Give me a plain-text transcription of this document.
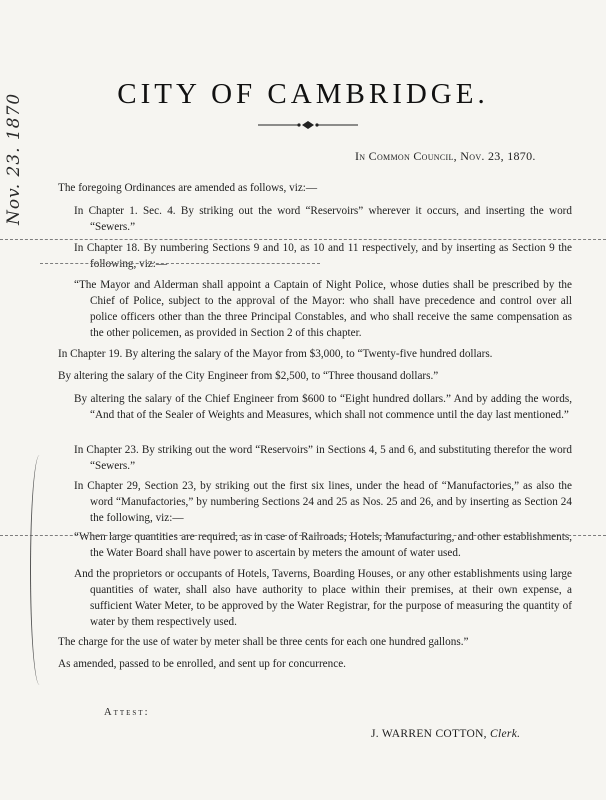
Nov. 23. 1870	CITY OF CAMBRIDGE.
In Common Council, Nov. 23, 1870.

The foregoing Ordinances are amended as follows, viz:—

In Chapter 1. Sec. 4. By striking out the word “Reservoirs” wherever it occurs, and inserting the word “Sewers.”

In Chapter 18. By numbering Sections 9 and 10, as 10 and 11 respectively, and by inserting as Section 9 the following, viz:—

“The Mayor and Alderman shall appoint a Captain of Night Police, whose duties shall be prescribed by the Chief of Police, subject to the approval of the Mayor: who shall have precedence and control over all police officers other than the three Principal Constables, and who shall receive the same compensation as the other policemen, as provided in Section 2 of this chapter.

In Chapter 19. By altering the salary of the Mayor from $3,000, to “Twenty-five hundred dollars.

By altering the salary of the City Engineer from $2,500, to “Three thousand dollars.”

By altering the salary of the Chief Engineer from $600 to “Eight hundred dollars.” And by adding the words, “And that of the Sealer of Weights and Measures, which shall not commence until the day last mentioned.”

In Chapter 23. By striking out the word “Reservoirs” in Sections 4, 5 and 6, and substituting therefor the word “Sewers.”

In Chapter 29, Section 23, by striking out the first six lines, under the head of “Manufactories,” as also the word “Manufactories,” by numbering Sections 24 and 25 as Nos. 25 and 26, and by inserting as Section 24 the following, viz:—

“When large quantities are required, as in case of Railroads, Hotels, Manufacturing, and other establishments, the Water Board shall have power to ascertain by meters the amount of water used.

And the proprietors or occupants of Hotels, Taverns, Boarding Houses, or any other establishments using large quantities of water, shall also have authority to place within their premises, at their own expense, a sufficient Water Meter, to be approved by the Water Registrar, for the purpose of measuring the quantity of water by them respectively used.

The charge for the use of water by meter shall be three cents for each one hundred gallons.”

As amended, passed to be enrolled, and sent up for concurrence.

Attest:
J. WARREN COTTON, Clerk.
